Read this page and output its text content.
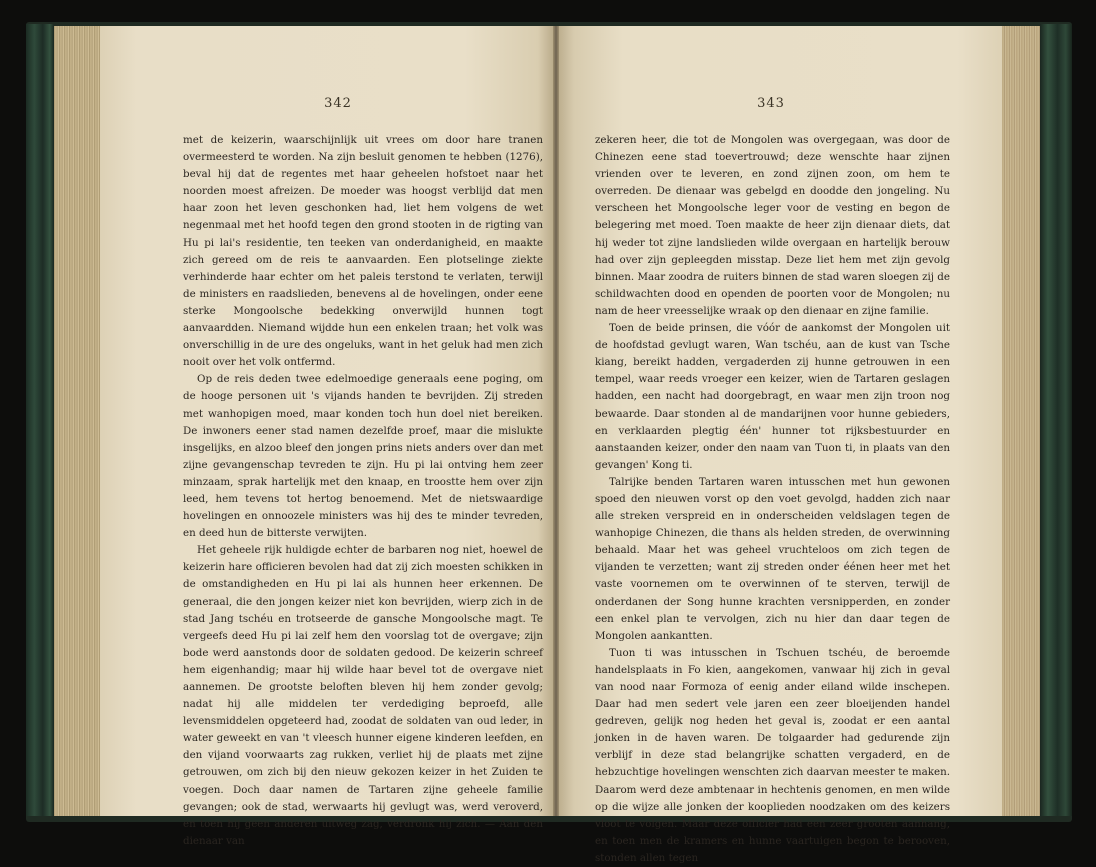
342

met de keizerin, waarschijnlijk uit vrees om door hare tranen overmeesterd te worden. Na zijn besluit genomen te hebben (1276), beval hij dat de regentes met haar geheelen hofstoet naar het noorden moest afreizen. De moeder was hoogst verblijd dat men haar zoon het leven geschonken had, liet hem volgens de wet negenmaal met het hoofd tegen den grond stooten in de rigting van Hu pi lai's residentie, ten teeken van onderdanigheid, en maakte zich gereed om de reis te aanvaarden. Een plotselinge ziekte verhinderde haar echter om het paleis terstond te verlaten, terwijl de ministers en raadslieden, benevens al de hovelingen, onder eene sterke Mongoolsche bedekking onverwijld hunnen togt aanvaardden. Niemand wijdde hun een enkelen traan; het volk was onverschillig in de ure des ongeluks, want in het geluk had men zich nooit over het volk ontfermd.

Op de reis deden twee edelmoedige generaals eene poging, om de hooge personen uit 's vijands handen te bevrijden. Zij streden met wanhopigen moed, maar konden toch hun doel niet bereiken. De inwoners eener stad namen dezelfde proef, maar die mislukte insgelijks, en alzoo bleef den jongen prins niets anders over dan met zijne gevangenschap tevreden te zijn. Hu pi lai ontving hem zeer minzaam, sprak hartelijk met den knaap, en troostte hem over zijn leed, hem tevens tot hertog benoemend. Met de nietswaardige hovelingen en onnoozele ministers was hij des te minder tevreden, en deed hun de bitterste verwijten.

Het geheele rijk huldigde echter de barbaren nog niet, hoewel de keizerin hare officieren bevolen had dat zij zich moesten schikken in de omstandigheden en Hu pi lai als hunnen heer erkennen. De generaal, die den jongen keizer niet kon bevrijden, wierp zich in de stad Jang tschéu en trotseerde de gansche Mongoolsche magt. Te vergeefs deed Hu pi lai zelf hem den voorslag tot de overgave; zijn bode werd aanstonds door de soldaten gedood. De keizerin schreef hem eigenhandig; maar hij wilde haar bevel tot de overgave niet aannemen. De grootste beloften bleven hij hem zonder gevolg; nadat hij alle middelen ter verdediging beproefd, alle levensmiddelen opgeteerd had, zoodat de soldaten van oud leder, in water geweekt en van 't vleesch hunner eigene kinderen leefden, en den vijand voorwaarts zag rukken, verliet hij de plaats met zijne getrouwen, om zich bij den nieuw gekozen keizer in het Zuiden te voegen. Doch daar namen de Tartaren zijne geheele familie gevangen; ook de stad, werwaarts hij gevlugt was, werd veroverd, en toen hij geen anderen uitweg zag, verdronk hij zich. — Aan den dienaar van

343

zekeren heer, die tot de Mongolen was overgegaan, was door de Chinezen eene stad toevertrouwd; deze wenschte haar zijnen vrienden over te leveren, en zond zijnen zoon, om hem te overreden. De dienaar was gebelgd en doodde den jongeling. Nu verscheen het Mongoolsche leger voor de vesting en begon de belegering met moed. Toen maakte de heer zijn dienaar diets, dat hij weder tot zijne landslieden wilde overgaan en hartelijk berouw had over zijn gepleegden misstap. Deze liet hem met zijn gevolg binnen. Maar zoodra de ruiters binnen de stad waren sloegen zij de schildwachten dood en openden de poorten voor de Mongolen; nu nam de heer vreesselijke wraak op den dienaar en zijne familie.

Toen de beide prinsen, die vóór de aankomst der Mongolen uit de hoofdstad gevlugt waren, Wan tschéu, aan de kust van Tsche kiang, bereikt hadden, vergaderden zij hunne getrouwen in een tempel, waar reeds vroeger een keizer, wien de Tartaren geslagen hadden, een nacht had doorgebragt, en waar men zijn troon nog bewaarde. Daar stonden al de mandarijnen voor hunne gebieders, en verklaarden plegtig één' hunner tot rijksbestuurder en aanstaanden keizer, onder den naam van Tuon ti, in plaats van den gevangen' Kong ti.

Talrijke benden Tartaren waren intusschen met hun gewonen spoed den nieuwen vorst op den voet gevolgd, hadden zich naar alle streken verspreid en in onderscheiden veldslagen tegen de wanhopige Chinezen, die thans als helden streden, de overwinning behaald. Maar het was geheel vruchteloos om zich tegen de vijanden te verzetten; want zij streden onder éénen heer met het vaste voornemen om te overwinnen of te sterven, terwijl de onderdanen der Song hunne krachten versnipperden, en zonder een enkel plan te vervolgen, zich nu hier dan daar tegen de Mongolen aankantten.

Tuon ti was intusschen in Tschuen tschéu, de beroemde handelsplaats in Fo kien, aangekomen, vanwaar hij zich in geval van nood naar Formoza of eenig ander eiland wilde inschepen. Daar had men sedert vele jaren een zeer bloeijenden handel gedreven, gelijk nog heden het geval is, zoodat er een aantal jonken in de haven waren. De tolgaarder had gedurende zijn verblijf in deze stad belangrijke schatten vergaderd, en de hebzuchtige hovelingen wenschten zich daarvan meester te maken. Daarom werd deze ambtenaar in hechtenis genomen, en men wilde op die wijze alle jonken der kooplieden noodzaken om des keizers vloot te volgen. Maar deze officier had een zeer grooten aanhang, en toen men de kramers en hunne vaartuigen begon te berooven, stonden allen tegen
